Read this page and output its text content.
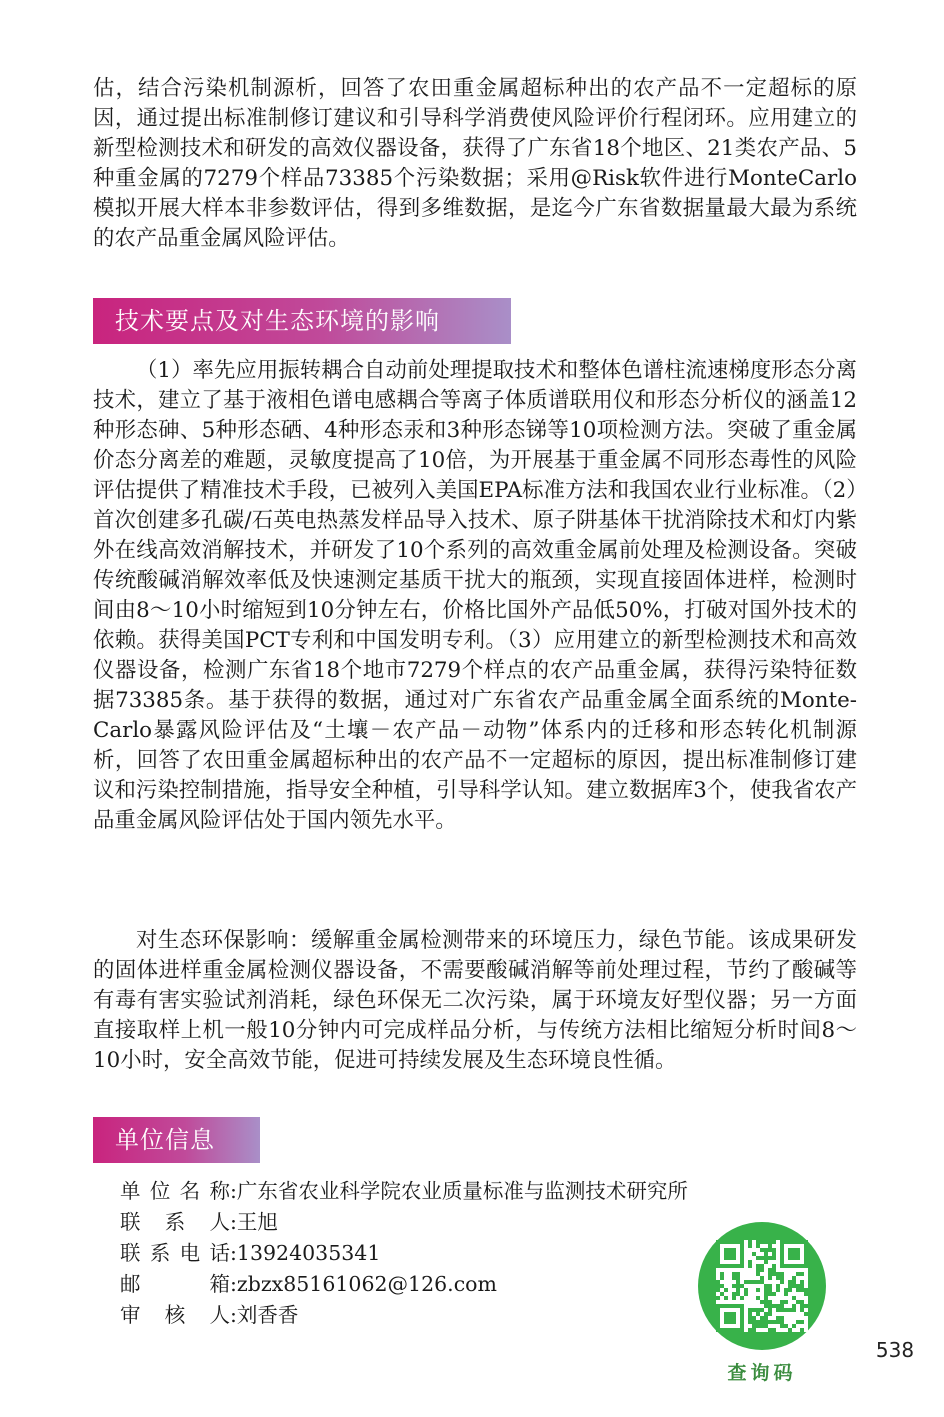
估，结合污染机制源析，回答了农田重金属超标种出的农产品不一定超标的原因，通过提出标准制修订建议和引导科学消费使风险评价行程闭环。应用建立的新型检测技术和研发的高效仪器设备，获得了广东省18个地区、21类农产品、5种重金属的7279个样品73385个污染数据；采用@Risk软件进行MonteCarlo模拟开展大样本非参数评估，得到多维数据，是迄今广东省数据量最大最为系统的农产品重金属风险评估。

技术要点及对生态环境的影响

（1）率先应用振转耦合自动前处理提取技术和整体色谱柱流速梯度形态分离技术，建立了基于液相色谱电感耦合等离子体质谱联用仪和形态分析仪的涵盖12种形态砷、5种形态硒、4种形态汞和3种形态锑等10项检测方法。突破了重金属价态分离差的难题，灵敏度提高了10倍，为开展基于重金属不同形态毒性的风险评估提供了精准技术手段，已被列入美国EPA标准方法和我国农业行业标准。（2）首次创建多孔碳/石英电热蒸发样品导入技术、原子阱基体干扰消除技术和灯内紫外在线高效消解技术，并研发了10个系列的高效重金属前处理及检测设备。突破传统酸碱消解效率低及快速测定基质干扰大的瓶颈，实现直接固体进样，检测时间由8～10小时缩短到10分钟左右，价格比国外产品低50%，打破对国外技术的依赖。获得美国PCT专利和中国发明专利。（3）应用建立的新型检测技术和高效仪器设备，检测广东省18个地市7279个样点的农产品重金属，获得污染特征数据73385条。基于获得的数据，通过对广东省农产品重金属全面系统的Monte-Carlo暴露风险评估及“土壤－农产品－动物”体系内的迁移和形态转化机制源析，回答了农田重金属超标种出的农产品不一定超标的原因，提出标准制修订建议和污染控制措施，指导安全种植，引导科学认知。建立数据库3个，使我省农产品重金属风险评估处于国内领先水平。

对生态环保影响：缓解重金属检测带来的环境压力，绿色节能。该成果研发的固体进样重金属检测仪器设备，不需要酸碱消解等前处理过程，节约了酸碱等有毒有害实验试剂消耗，绿色环保无二次污染，属于环境友好型仪器；另一方面直接取样上机一般10分钟内可完成样品分析，与传统方法相比缩短分析时间8～10小时，安全高效节能，促进可持续发展及生态环境良性循。

单位信息
单位名称:广东省农业科学院农业质量标准与监测技术研究所
联系人:王旭
联系电话:13924035341
邮箱:zbzx85161062@126.com
审核人:刘香香
查询码
538
